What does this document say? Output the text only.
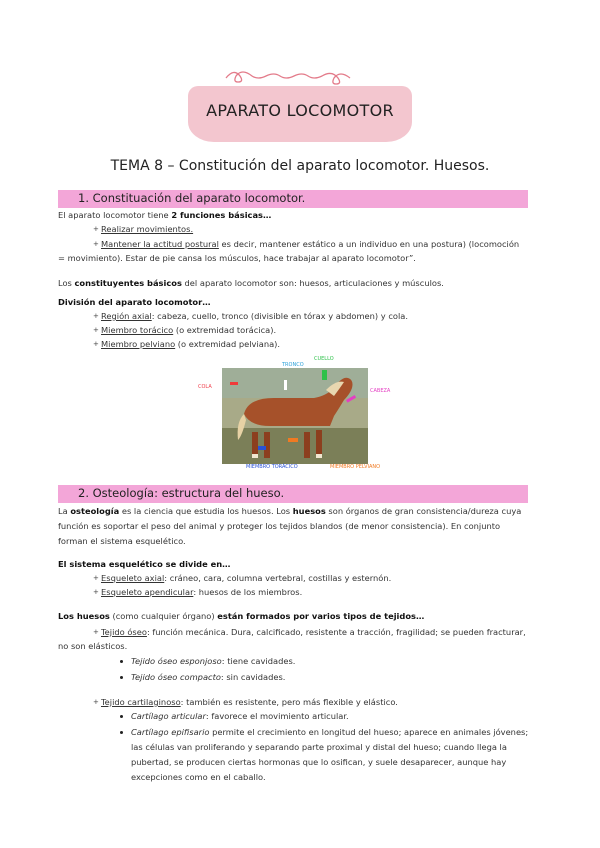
APARATO LOCOMOTOR
TEMA 8 – Constitución del aparato locomotor. Huesos.
1. Constituación del aparato locomotor.
El aparato locomotor tiene 2 funciones básicas…
+ Realizar movimientos.
+ Mantener la actitud postural es decir, mantener estático a un individuo en una postura) (locomoción
= movimiento). Estar de pie cansa los músculos, hace trabajar al aparato locomotor”.
Los constituyentes básicos del aparato locomotor son: huesos, articulaciones y músculos.
División del aparato locomotor…
+ Región axial: cabeza, cuello, tronco (divisible en tórax y abdomen) y cola.
+ Miembro torácico (o extremidad torácica).
+ Miembro pelviano (o extremidad pelviana).
COLA
TRONCO
CUELLO
CABEZA
MIEMBRO TORÁCICO	MIEMBRO PELVIANO
2. Osteología: estructura del hueso.
La osteología es la ciencia que estudia los huesos. Los huesos son órganos de gran consistencia/dureza cuya
función es soportar el peso del animal y proteger los tejidos blandos (de menor consistencia). En conjunto
forman el sistema esquelético.
El sistema esquelético se divide en…
+ Esqueleto axial: cráneo, cara, columna vertebral, costillas y esternón.
+ Esqueleto apendicular: huesos de los miembros.
Los huesos (como cualquier órgano) están formados por varios tipos de tejidos…
+ Tejido óseo: función mecánica. Dura, calcificado, resistente a tracción, fragilidad; se pueden fracturar,
no son elásticos.
Tejido óseo esponjoso: tiene cavidades.
Tejido óseo compacto: sin cavidades.
+ Tejido cartilaginoso: también es resistente, pero más flexible y elástico.
Cartílago articular: favorece el movimiento articular.
Cartílago epifisario permite el crecimiento en longitud del hueso; aparece en animales jóvenes;
las células van proliferando y separando parte proximal y distal del hueso; cuando llega la
pubertad, se producen ciertas hormonas que lo osifican, y suele desaparecer, aunque hay
excepciones como en el caballo.
